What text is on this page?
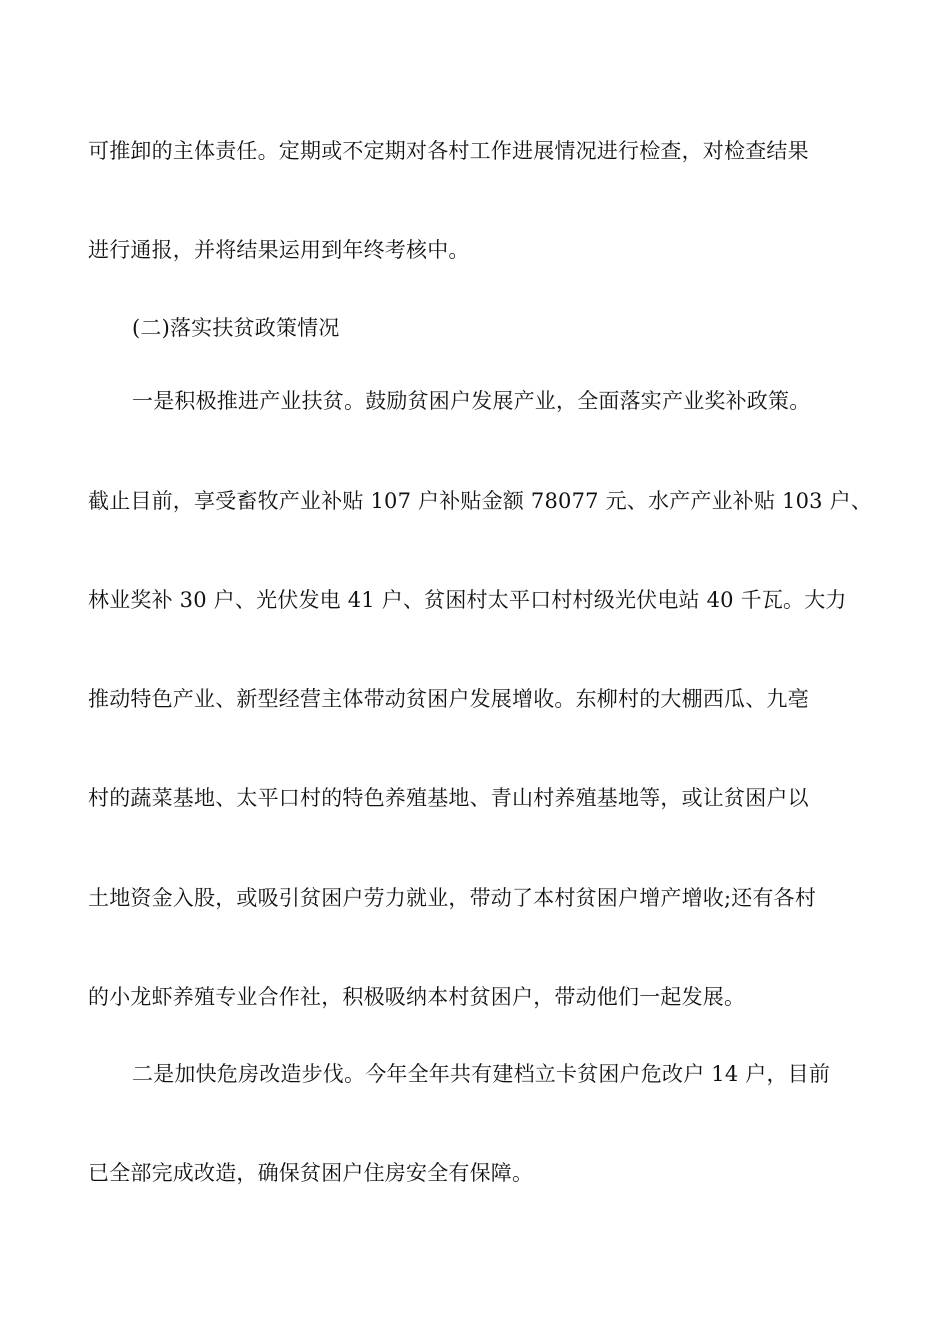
可推卸的主体责任。定期或不定期对各村工作进展情况进行检查，对检查结果
进行通报，并将结果运用到年终考核中。
(二)落实扶贫政策情况
一是积极推进产业扶贫。鼓励贫困户发展产业，全面落实产业奖补政策。
截止目前，享受畜牧产业补贴 107 户补贴金额 78077 元、水产产业补贴 103 户、
林业奖补 30 户、光伏发电 41 户、贫困村太平口村村级光伏电站 40 千瓦。大力
推动特色产业、新型经营主体带动贫困户发展增收。东柳村的大棚西瓜、九亳
村的蔬菜基地、太平口村的特色养殖基地、青山村养殖基地等，或让贫困户以
土地资金入股，或吸引贫困户劳力就业，带动了本村贫困户增产增收;还有各村
的小龙虾养殖专业合作社，积极吸纳本村贫困户，带动他们一起发展。
二是加快危房改造步伐。今年全年共有建档立卡贫困户危改户 14 户，目前
已全部完成改造，确保贫困户住房安全有保障。
